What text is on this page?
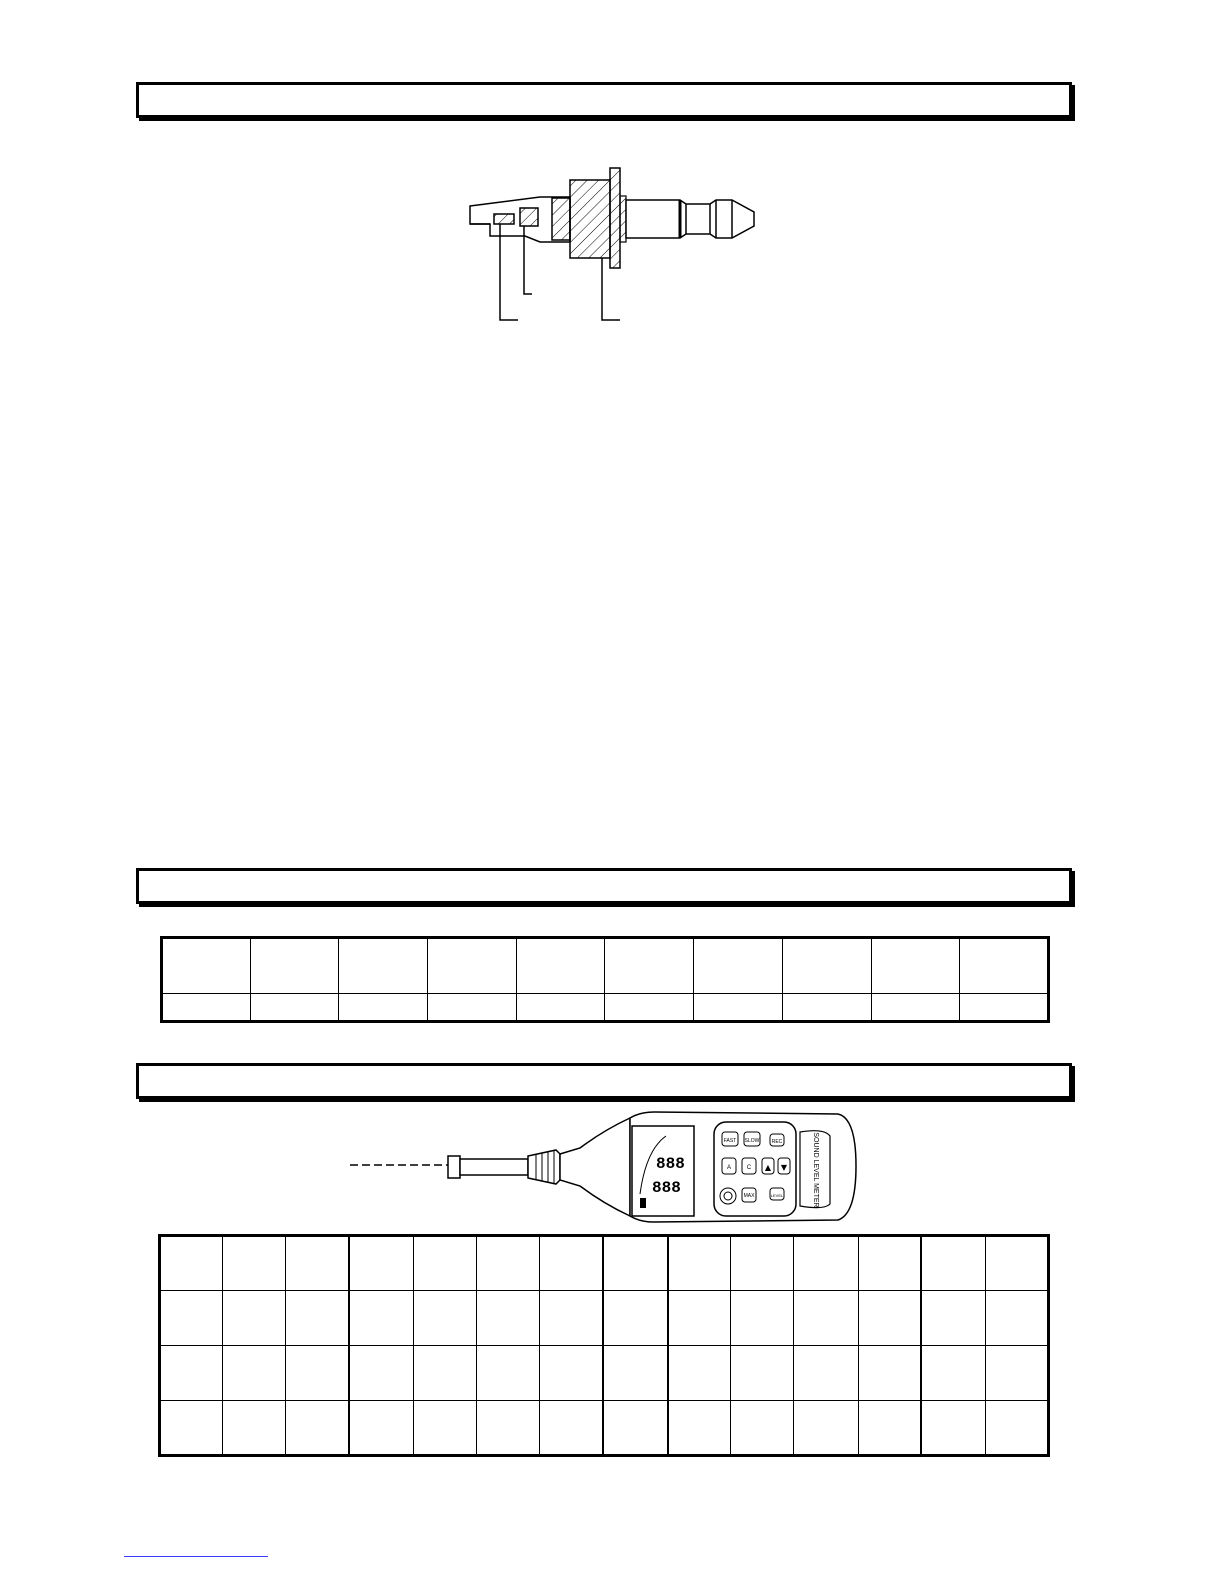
888
888
FAST SLOW REC
A	C ▲ ▼
MAX	LEVEL	SOUND LEVEL METER
